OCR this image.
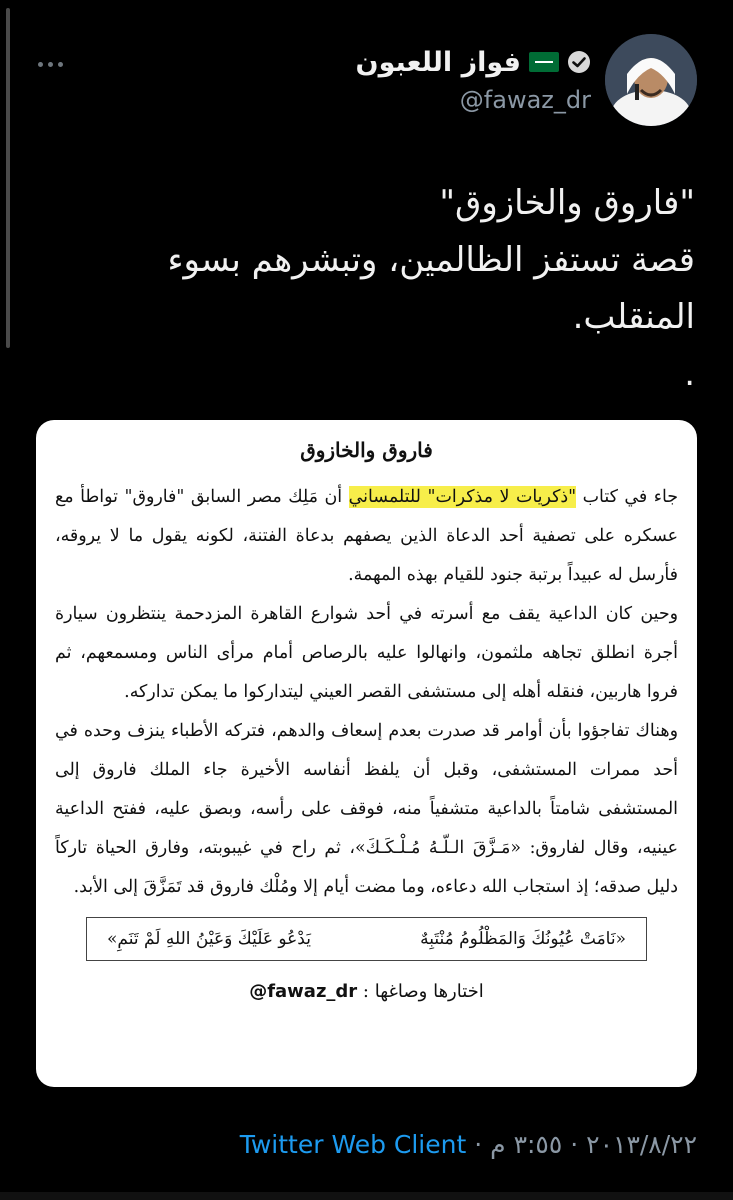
فواز اللعبون
@fawaz_dr
"فاروق والخازوق"
قصة تستفز الظالمين، وتبشرهم بسوء
المنقلب.
.
فاروق والخازوق
جاء في كتاب "ذكريات لا مذكرات" للتلمساني أن مَلِك مصر السابق "فاروق" تواطأ مع عسكره على تصفية أحد الدعاة الذين يصفهم بدعاة الفتنة، لكونه يقول ما لا يروقه، فأرسل له عبيداً برتبة جنود للقيام بهذه المهمة.
وحين كان الداعية يقف مع أسرته في أحد شوارع القاهرة المزدحمة ينتظرون سيارة أجرة انطلق تجاهه ملثمون، وانهالوا عليه بالرصاص أمام مرأى الناس ومسمعهم، ثم فروا هاربين، فنقله أهله إلى مستشفى القصر العيني ليتداركوا ما يمكن تداركه.
وهناك تفاجؤوا بأن أوامر قد صدرت بعدم إسعاف والدهم، فتركه الأطباء ينزف وحده في أحد ممرات المستشفى، وقبل أن يلفظ أنفاسه الأخيرة جاء الملك فاروق إلى المستشفى شامتاً بالداعية متشفياً منه، فوقف على رأسه، وبصق عليه، ففتح الداعية عينيه، وقال لفاروق: «مَـزَّقَ الـلّـهُ مُـلْـكَـكَ»، ثم راح في غيبوبته، وفارق الحياة تاركاً دليل صدقه؛ إذ استجاب الله دعاءه، وما مضت أيام إلا ومُلْك فاروق قد تَمَزَّقَ إلى الأبد.
«نَامَتْ عُيُونُكَ وَالمَظْلُومُ مُنْتَبِهٌ
يَدْعُو عَلَيْكَ وَعَيْنُ اللهِ لَمْ تَنَمِ»
اختارها وصاغها : @fawaz_dr
٢٠١٣/٨/٢٢ · ٣:٥٥ م · Twitter Web Client
